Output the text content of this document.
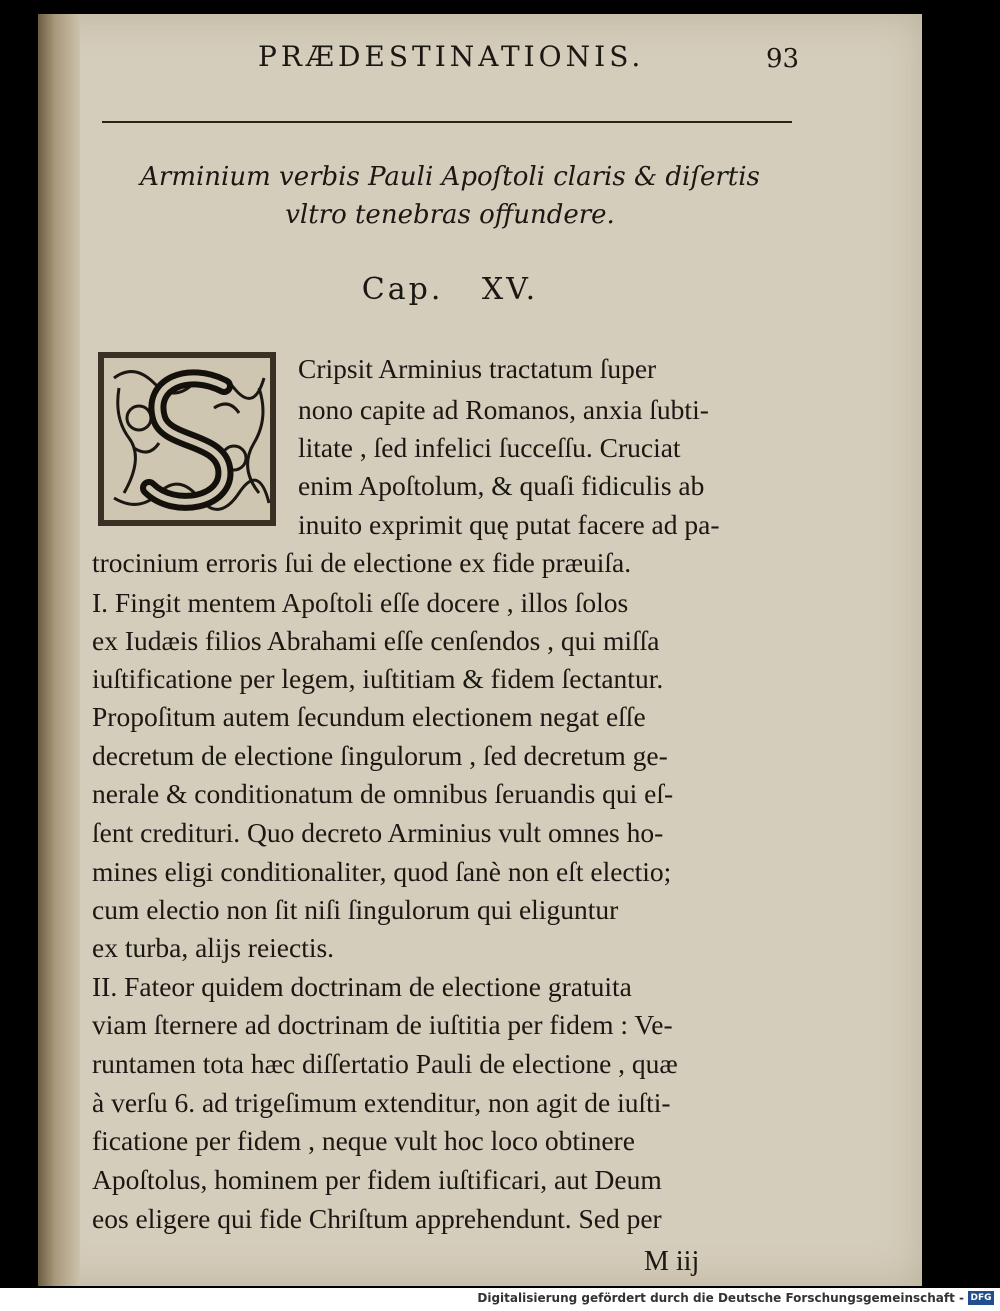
PRÆDESTINATIONIS.	93
Arminium verbis Pauli Apoſtoli claris & diſertis
vltro tenebras offundere.
Cap. XV.
Cripsit Arminius tractatum ſuper
nono capite ad Romanos, anxia ſubti-
litate , ſed infelici ſucceſſu. Cruciat
enim Apoſtolum, & quaſi fidiculis ab
inuito exprimit quę putat facere ad pa-
trocinium erroris ſui de electione ex fide præuiſa.
I. Fingit mentem Apoſtoli eſſe docere , illos ſolos
ex Iudæis filios Abrahami eſſe cenſendos , qui miſſa
iuſtificatione per legem, iuſtitiam & fidem ſectantur.
Propoſitum autem ſecundum electionem negat eſſe
decretum de electione ſingulorum , ſed decretum ge-
nerale & conditionatum de omnibus ſeruandis qui eſ-
ſent credituri. Quo decreto Arminius vult omnes ho-
mines eligi conditionaliter, quod ſanè non eſt electio;
cum electio non ſit niſi ſingulorum qui eliguntur
ex turba, alijs reiectis.
II. Fateor quidem doctrinam de electione gratuita
viam ſternere ad doctrinam de iuſtitia per fidem : Ve-
runtamen tota hæc diſſertatio Pauli de electione , quæ
à verſu 6. ad trigeſimum extenditur, non agit de iuſti-
ficatione per fidem , neque vult hoc loco obtinere
Apoſtolus, hominem per fidem iuſtificari, aut Deum
eos eligere qui fide Chriſtum apprehendunt. Sed per
M iij
Digitalisierung gefördert durch die Deutsche Forschungsgemeinschaft - DFG
